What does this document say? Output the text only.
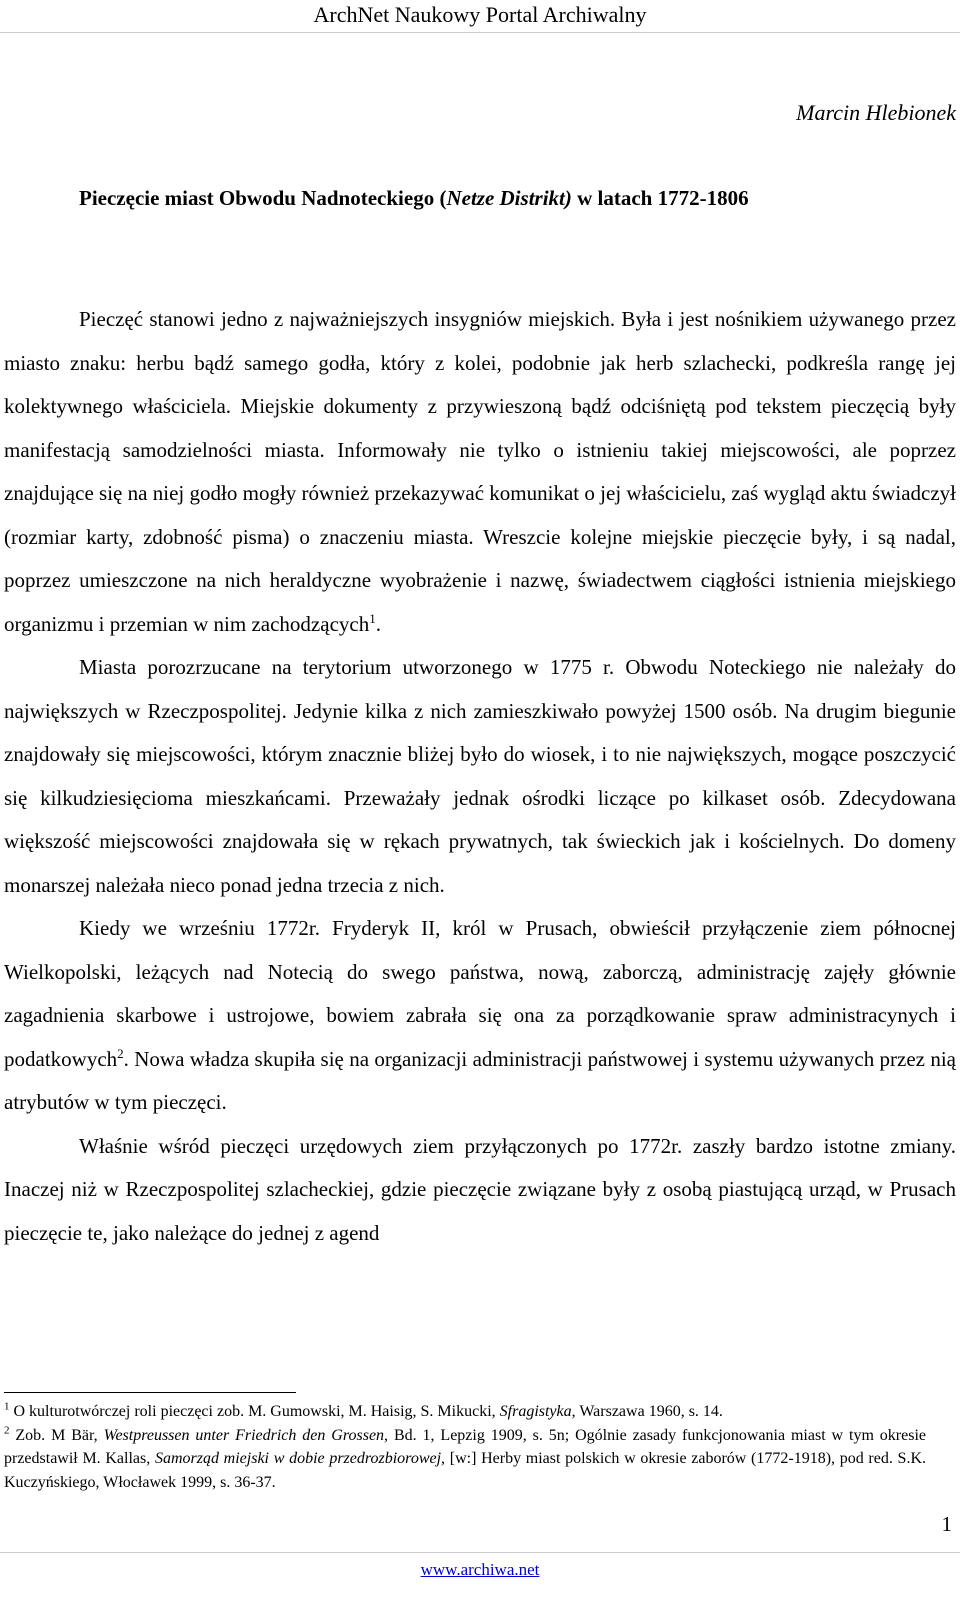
ArchNet Naukowy Portal Archiwalny
Marcin Hlebionek
Pieczęcie miast Obwodu Nadnoteckiego (Netze Distrikt) w latach 1772-1806

Pieczęć stanowi jedno z najważniejszych insygniów miejskich. Była i jest nośnikiem używanego przez miasto znaku: herbu bądź samego godła, który z kolei, podobnie jak herb szlachecki, podkreśla rangę jej kolektywnego właściciela. Miejskie dokumenty z przywieszoną bądź odciśniętą pod tekstem pieczęcią były manifestacją samodzielności miasta. Informowały nie tylko o istnieniu takiej miejscowości, ale poprzez znajdujące się na niej godło mogły również przekazywać komunikat o jej właścicielu, zaś wygląd aktu świadczył (rozmiar karty, zdobność pisma) o znaczeniu miasta. Wreszcie kolejne miejskie pieczęcie były, i są nadal, poprzez umieszczone na nich heraldyczne wyobrażenie i nazwę, świadectwem ciągłości istnienia miejskiego organizmu i przemian w nim zachodzących$^1$.

Miasta porozrzucane na terytorium utworzonego w 1775 r. Obwodu Noteckiego nie należały do największych w Rzeczpospolitej. Jedynie kilka z nich zamieszkiwało powyżej 1500 osób. Na drugim biegunie znajdowały się miejscowości, którym znacznie bliżej było do wiosek, i to nie największych, mogące poszczycić się kilkudziesięcioma mieszkańcami. Przeważały jednak ośrodki liczące po kilkaset osób. Zdecydowana większość miejscowości znajdowała się w rękach prywatnych, tak świeckich jak i kościelnych. Do domeny monarszej należała nieco ponad jedna trzecia z nich.

Kiedy we wrześniu 1772r. Fryderyk II, król w Prusach, obwieścił przyłączenie ziem północnej Wielkopolski, leżących nad Notecią do swego państwa, nową, zaborczą, administrację zajęły głównie zagadnienia skarbowe i ustrojowe, bowiem zabrała się ona za porządkowanie spraw administracynych i podatkowych$^2$. Nowa władza skupiła się na organizacji administracji państwowej i systemu używanych przez nią atrybutów w tym pieczęci.

Właśnie wśród pieczęci urzędowych ziem przyłączonych po 1772r. zaszły bardzo istotne zmiany. Inaczej niż w Rzeczpospolitej szlacheckiej, gdzie pieczęcie związane były z osobą piastującą urząd, w Prusach pieczęcie te, jako należące do jednej z agend

$^1$ O kulturotwórczej roli pieczęci zob. M. Gumowski, M. Haisig, S. Mikucki, Sfragistyka, Warszawa 1960, s. 14.

$^2$ Zob. M Bär, Westpreussen unter Friedrich den Grossen, Bd. 1, Lepzig 1909, s. 5n; Ogólnie zasady funkcjonowania miast w tym okresie przedstawił M. Kallas, Samorząd miejski w dobie przedrozbiorowej, [w:] Herby miast polskich w okresie zaborów (1772-1918), pod red. S.K. Kuczyńskiego, Włocławek 1999, s. 36-37.

1
www.archiwa.net
